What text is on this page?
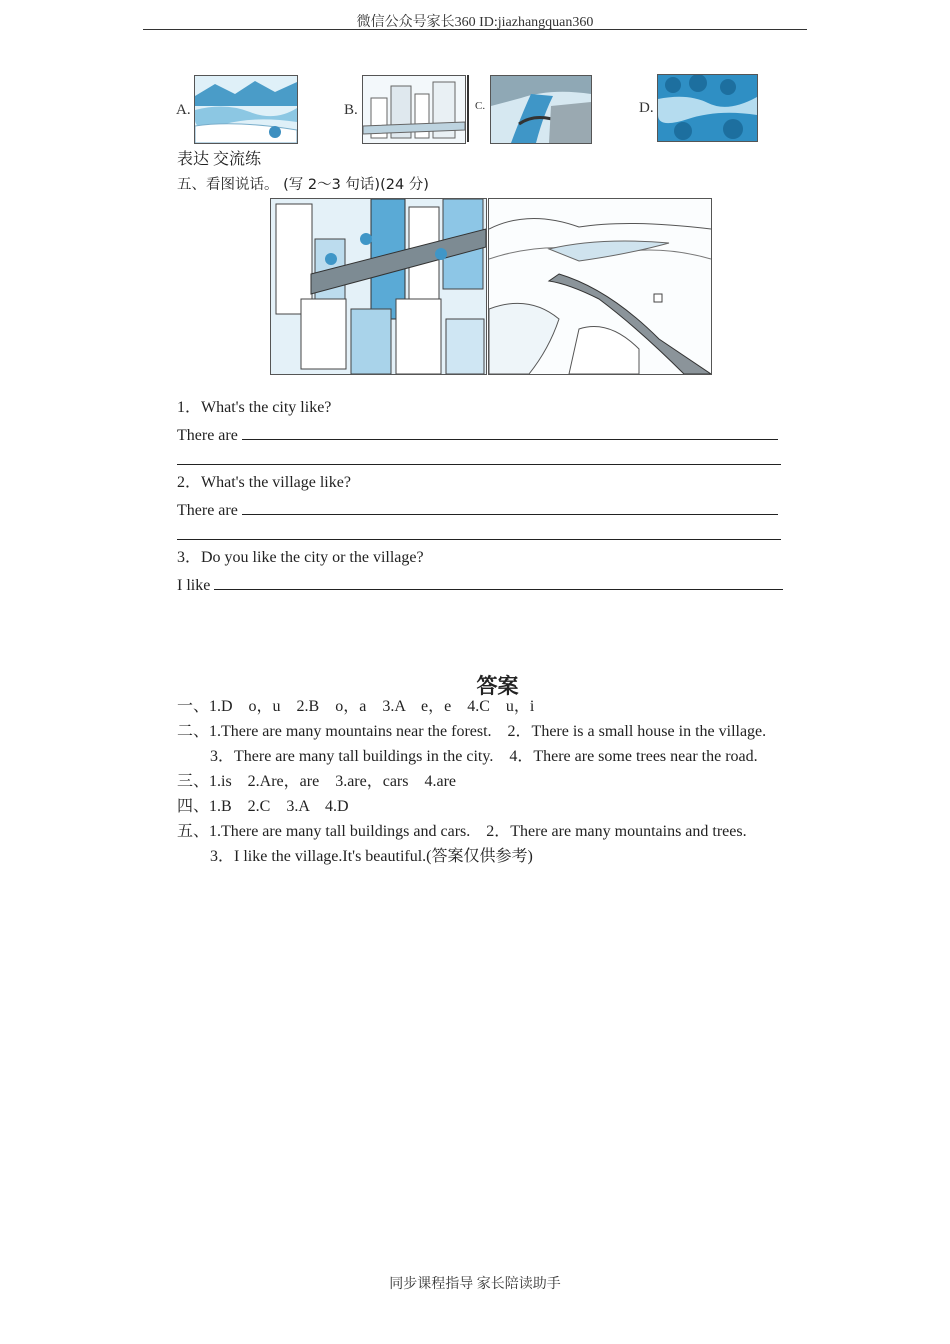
微信公众号家长360 ID:jiazhangquan360
A.	B.	C.	D.
表达 交流练
五、看图说话。 (写 2～3 句话)(24 分)
1．What's the city like?
There are
2．What's the village like?
There are
3．Do you like the city or the village?
I like
答案
一、1.D　o，u　2.B　o，a　3.A　e，e　4.C　u，i
二、1.There are many mountains near the forest.　2．There is a small house in the village.
3．There are many tall buildings in the city.　4．There are some trees near the road.
三、1.is　2.Are，are　3.are，cars　4.are
四、1.B　2.C　3.A　4.D
五、1.There are many tall buildings and cars.　2．There are many mountains and trees.
3．I like the village.It's beautiful.(答案仅供参考)
同步课程指导 家长陪读助手
